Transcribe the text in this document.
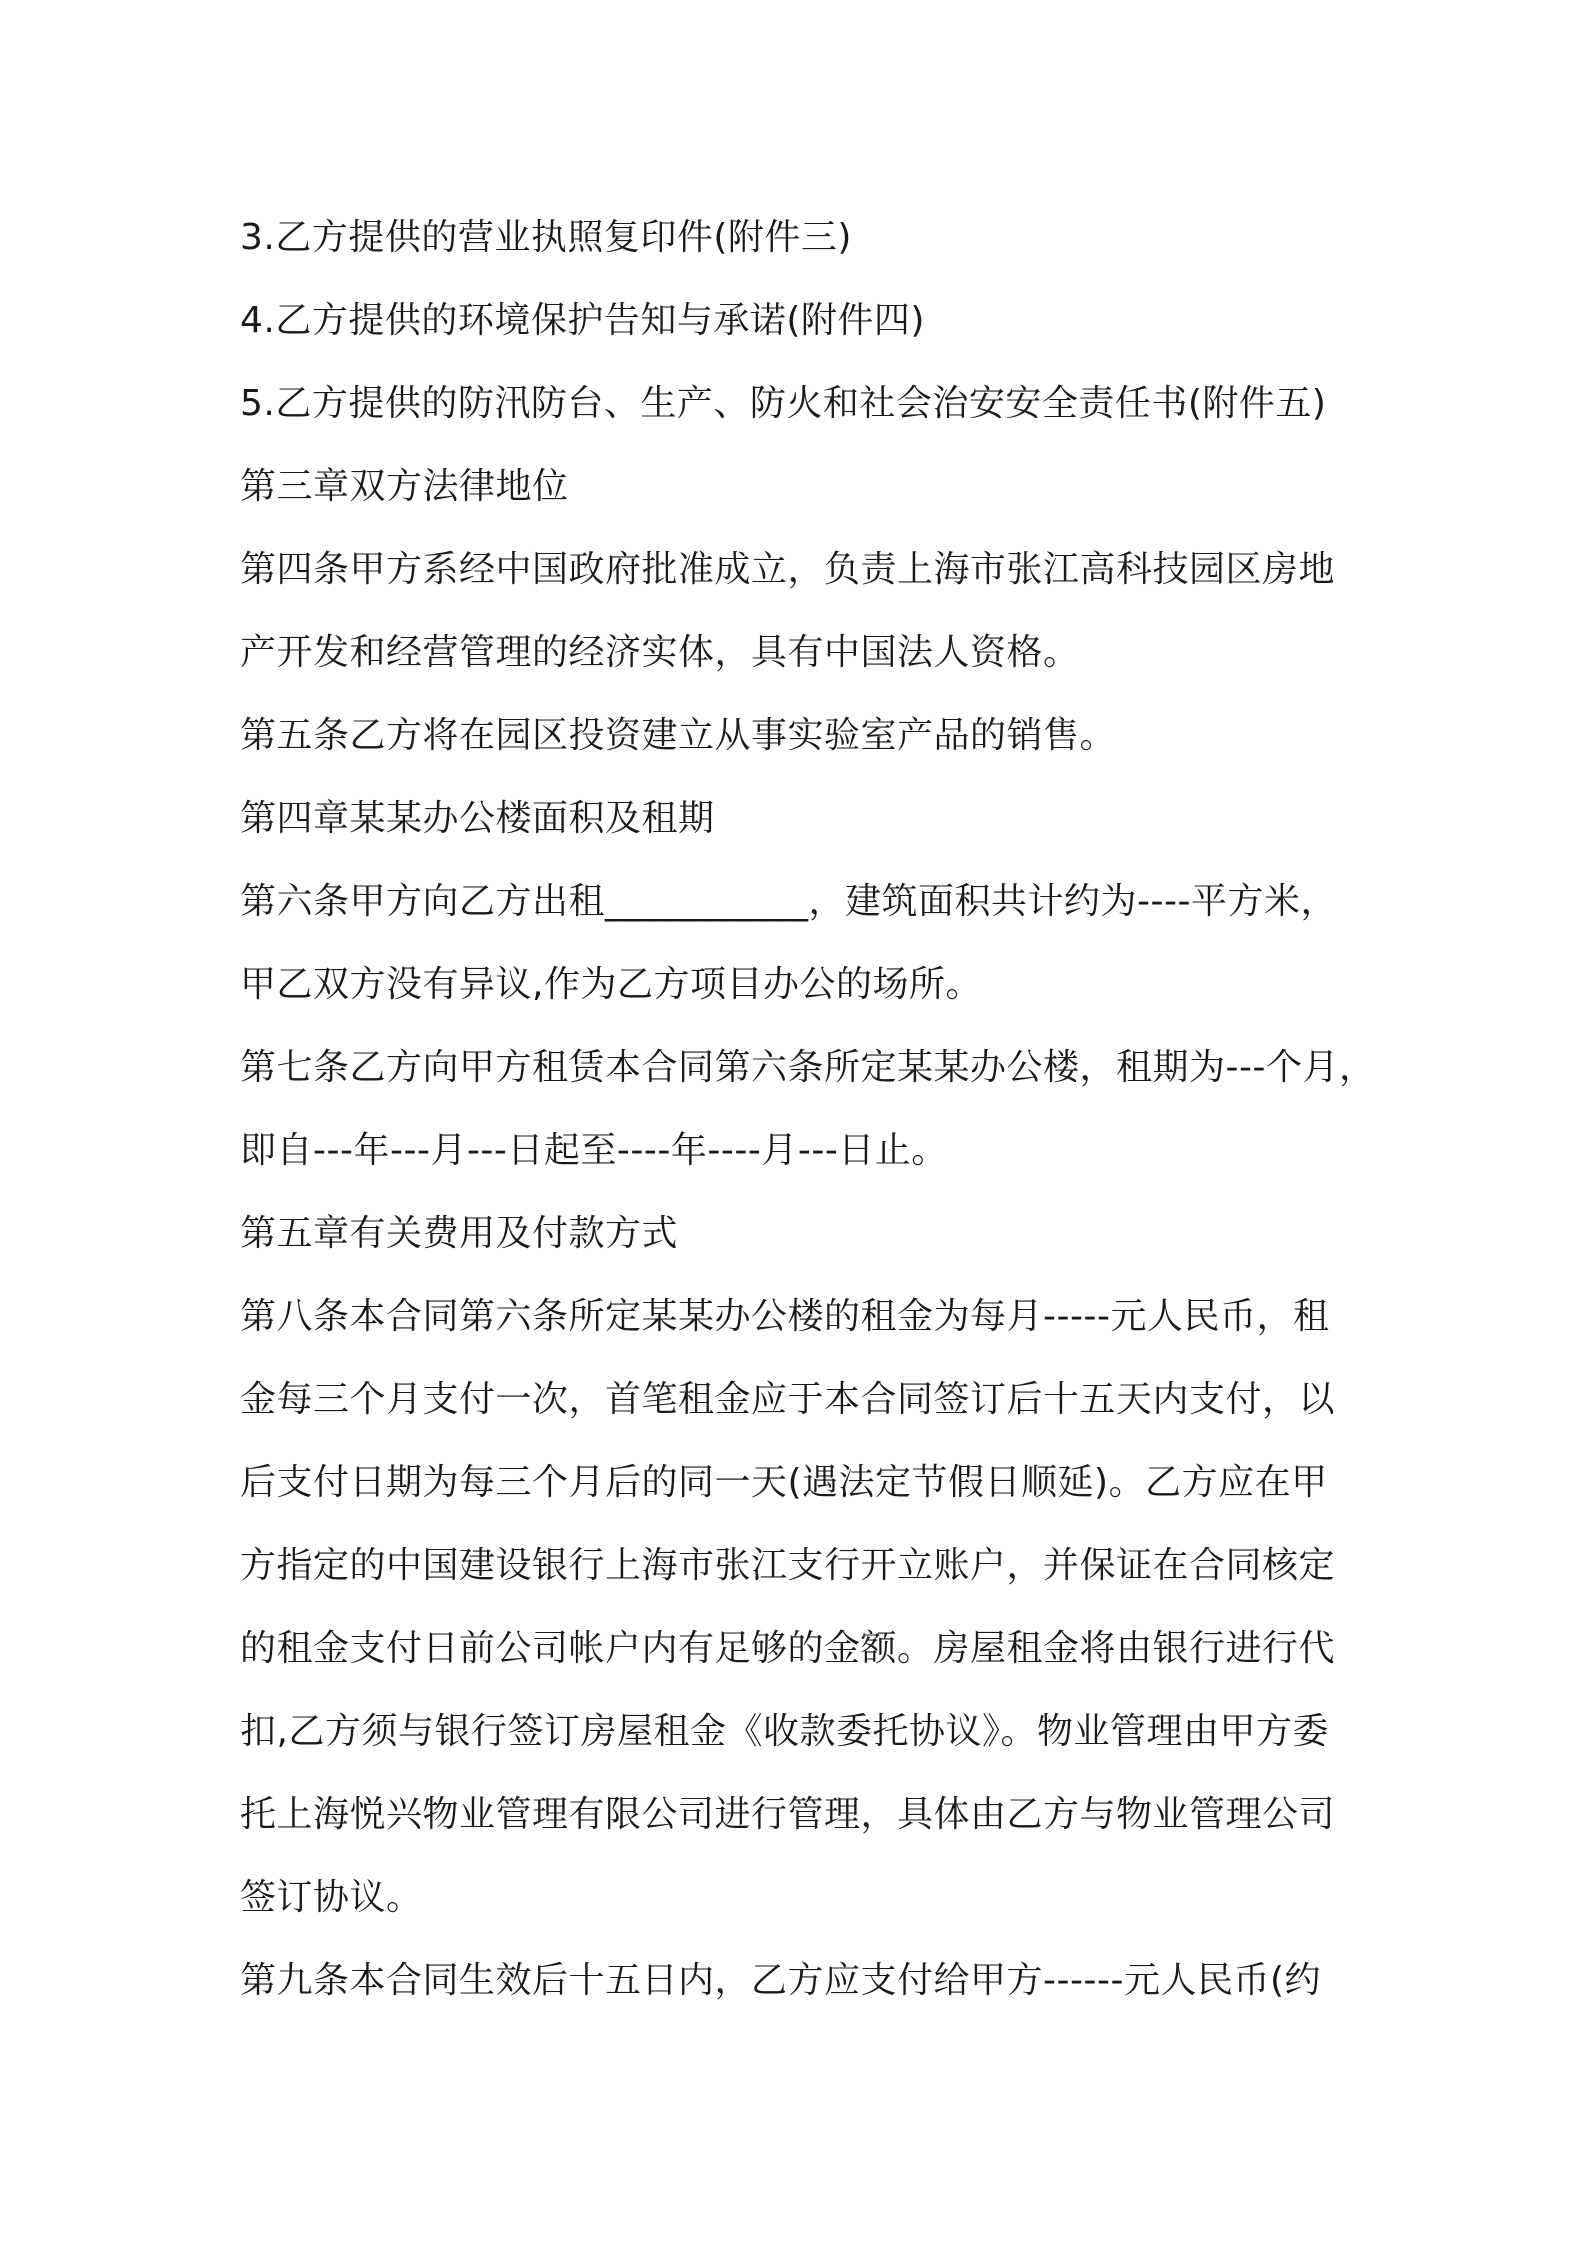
3.乙方提供的营业执照复印件(附件三)
4.乙方提供的环境保护告知与承诺(附件四)
5.乙方提供的防汛防台、生产、防火和社会治安安全责任书(附件五)
第三章双方法律地位
第四条甲方系经中国政府批准成立，负责上海市张江高科技园区房地
产开发和经营管理的经济实体，具有中国法人资格。
第五条乙方将在园区投资建立从事实验室产品的销售。
第四章某某办公楼面积及租期
第六条甲方向乙方出租___________，建筑面积共计约为----平方米，
甲乙双方没有异议,作为乙方项目办公的场所。
第七条乙方向甲方租赁本合同第六条所定某某办公楼，租期为---个月，
即自---年---月---日起至----年----月---日止。
第五章有关费用及付款方式
第八条本合同第六条所定某某办公楼的租金为每月-----元人民币，租
金每三个月支付一次，首笔租金应于本合同签订后十五天内支付，以
后支付日期为每三个月后的同一天(遇法定节假日顺延)。乙方应在甲
方指定的中国建设银行上海市张江支行开立账户，并保证在合同核定
的租金支付日前公司帐户内有足够的金额。房屋租金将由银行进行代
扣,乙方须与银行签订房屋租金《收款委托协议》。物业管理由甲方委
托上海悦兴物业管理有限公司进行管理，具体由乙方与物业管理公司
签订协议。
第九条本合同生效后十五日内，乙方应支付给甲方------元人民币(约
